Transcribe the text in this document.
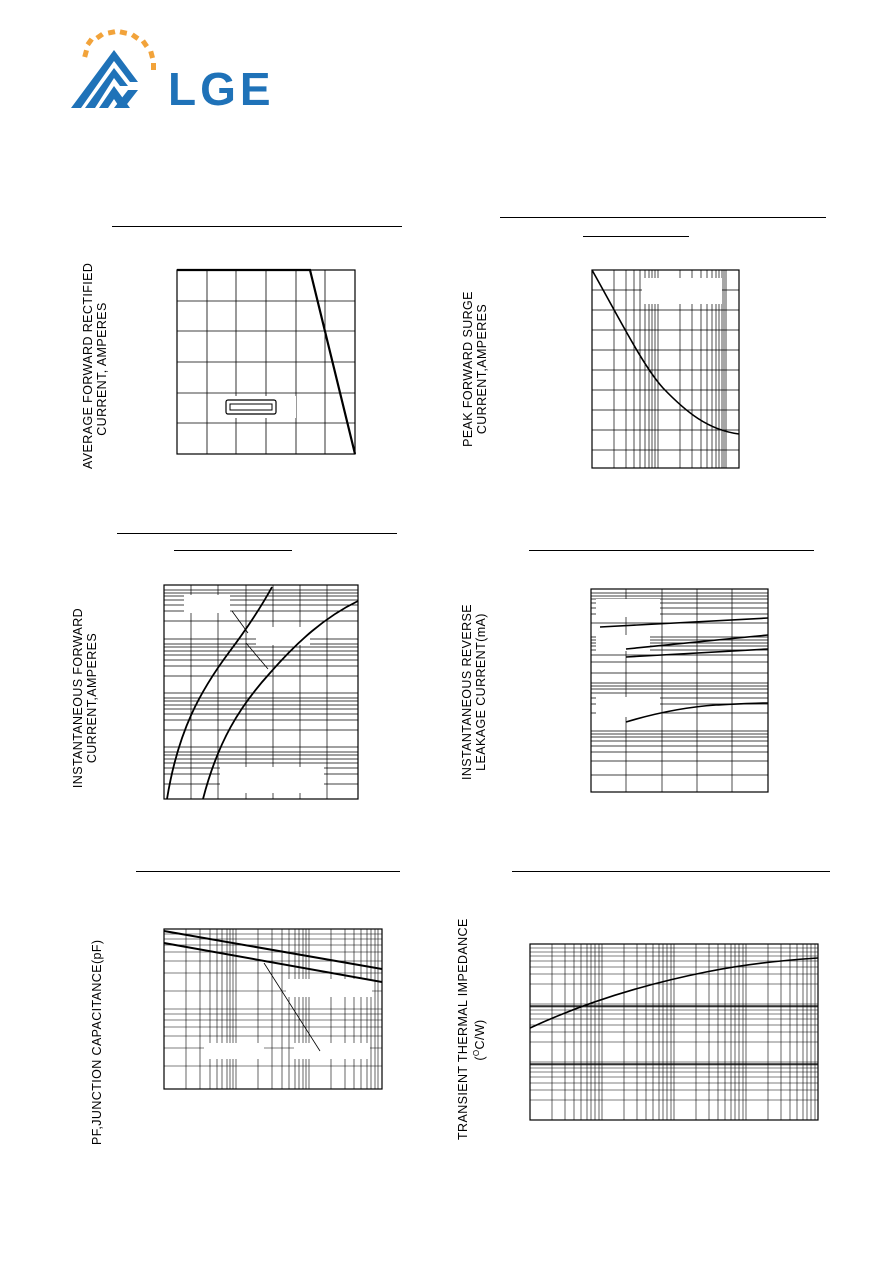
LGE
AVERAGE FORWARD RECTIFIED CURRENT, AMPERES	PEAK FORWARD SURGE CURRENT,AMPERES
INSTANTANEOUS FORWARD CURRENT,AMPERES	INSTANTANEOUS REVERSE LEAKAGE CURRENT(mA)
PF,JUNCTION CAPACITANCE(pF)	TRANSIENT THERMAL IMPEDANCE ($^O$C/W)
